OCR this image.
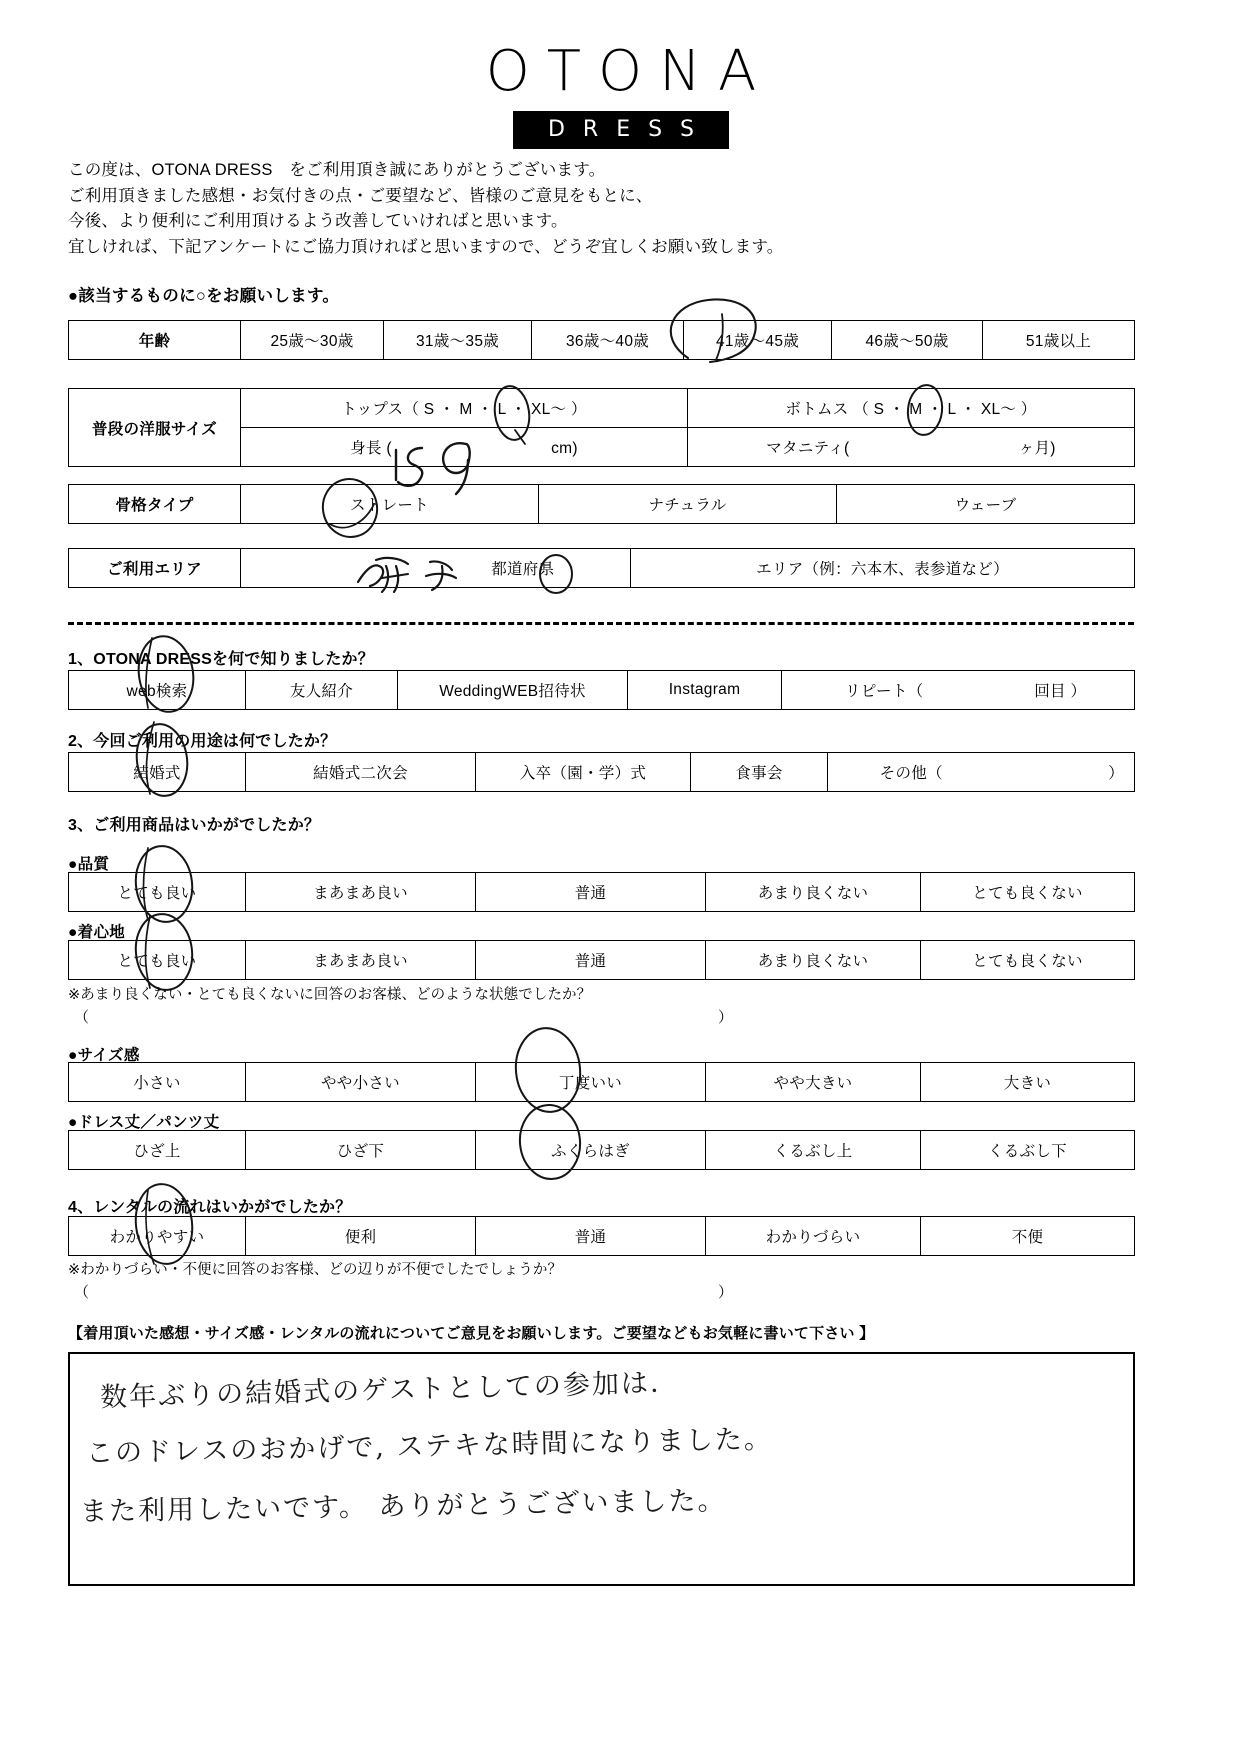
OTONA
DRESS
この度は、OTONA DRESS　をご利用頂き誠にありがとうございます。
ご利用頂きました感想・お気付きの点・ご要望など、皆様のご意見をもとに、
今後、より便利にご利用頂けるよう改善していければと思います。
宜しければ、下記アンケートにご協力頂ければと思いますので、どうぞ宜しくお願い致します。
●該当するものに○をお願いします。
年齢	25歳～30歳	31歳～35歳	36歳～40歳	41歳～45歳	46歳～50歳	51歳以上
普段の洋服サイズ	トップス（ S ・ M ・ L ・ XL～ ）	ボトムス （ S ・ M ・ L ・ XL～ ）
	身長 ( cm)	マタニティ( ヶ月)
骨格タイプ	ストレート	ナチュラル	ウェーブ
ご利用エリア	都道府県	エリア（例：六本木、表参道など）
1、OTONA DRESSを何で知りましたか？
web検索	友人紹介	WeddingWEB招待状	Instagram	リピート（	回目 ）
2、今回ご利用の用途は何でしたか？
結婚式	結婚式二次会	入卒（園・学）式	食事会	その他（	）
3、ご利用商品はいかがでしたか？
●品質
とても良い	まあまあ良い	普通	あまり良くない	とても良くない
●着心地
とても良い	まあまあ良い	普通	あまり良くない	とても良くない
※あまり良くない・とても良くないに回答のお客様、どのような状態でしたか？
（	）
●サイズ感
小さい	やや小さい	丁度いい	やや大きい	大きい
●ドレス丈／パンツ丈
ひざ上	ひざ下	ふくらはぎ	くるぶし上	くるぶし下
4、レンタルの流れはいかがでしたか？
わかりやすい	便利	普通	わかりづらい	不便
※わかりづらい・不便に回答のお客様、どの辺りが不便でしたでしょうか？
（	）
【着用頂いた感想・サイズ感・レンタルの流れについてご意見をお願いします。ご要望などもお気軽に書いて下さい 】
数年ぶりの結婚式のゲストとしての参加は.
このドレスのおかげで, ステキな時間になりました。
また利用したいです。 ありがとうございました。
